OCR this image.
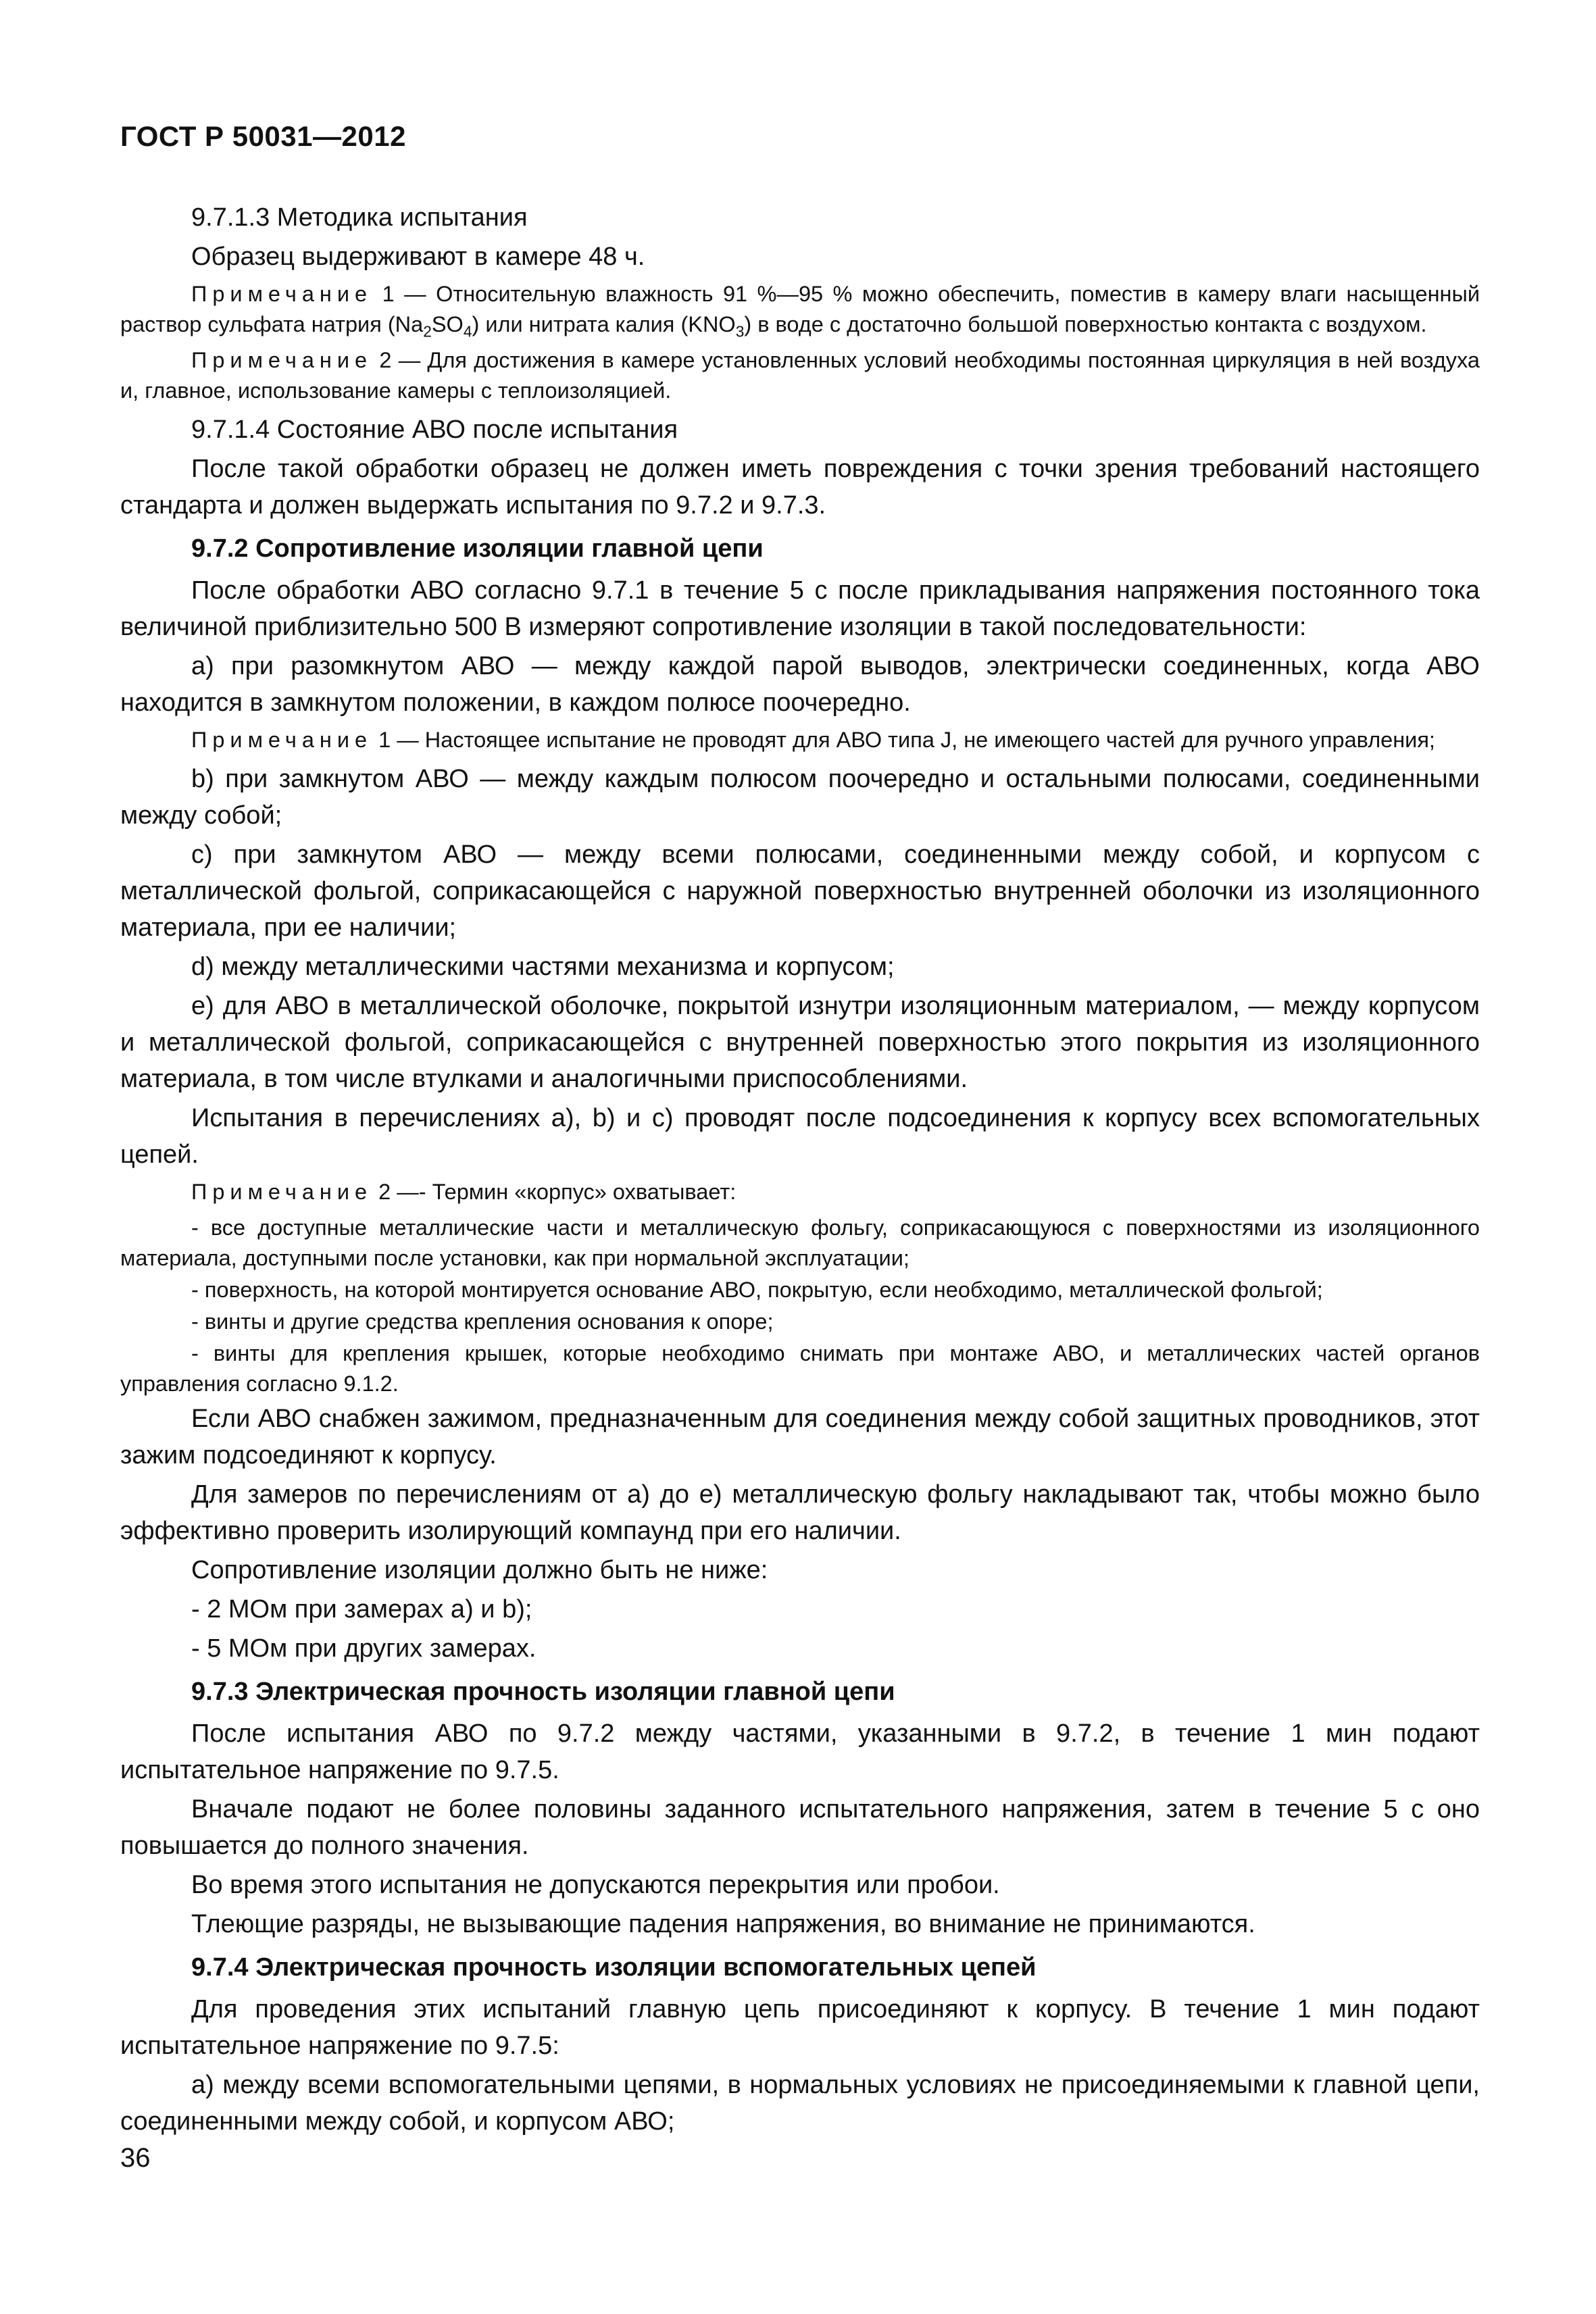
ГОСТ Р 50031—2012

9.7.1.3 Методика испытания

Образец выдерживают в камере 48 ч.

Примечание 1 — Относительную влажность 91 %—95 % можно обеспечить, поместив в камеру влаги насыщенный раствор сульфата натрия $(Na_2SO_4)$ или нитрата калия $(KNO_3)$ в воде с достаточно большой поверхностью контакта с воздухом.

Примечание 2 — Для достижения в камере установленных условий необходимы постоянная циркуляция в ней воздуха и, главное, использование камеры с теплоизоляцией.

9.7.1.4 Состояние АВО после испытания

После такой обработки образец не должен иметь повреждения с точки зрения требований настоящего стандарта и должен выдержать испытания по 9.7.2 и 9.7.3.

9.7.2 Сопротивление изоляции главной цепи

После обработки АВО согласно 9.7.1 в течение 5 с после прикладывания напряжения постоянного тока величиной приблизительно 500 В измеряют сопротивление изоляции в такой последовательности:

а) при разомкнутом АВО — между каждой парой выводов, электрически соединенных, когда АВО находится в замкнутом положении, в каждом полюсе поочередно.

Примечание 1 — Настоящее испытание не проводят для АВО типа J, не имеющего частей для ручного управления;

b) при замкнутом АВО — между каждым полюсом поочередно и остальными полюсами, соединенными между собой;

c) при замкнутом АВО — между всеми полюсами, соединенными между собой, и корпусом с металлической фольгой, соприкасающейся с наружной поверхностью внутренней оболочки из изоляционного материала, при ее наличии;

d) между металлическими частями механизма и корпусом;

e) для АВО в металлической оболочке, покрытой изнутри изоляционным материалом, — между корпусом и металлической фольгой, соприкасающейся с внутренней поверхностью этого покрытия из изоляционного материала, в том числе втулками и аналогичными приспособлениями.

Испытания в перечислениях a), b) и c) проводят после подсоединения к корпусу всех вспомогательных цепей.

Примечание 2 —- Термин «корпус» охватывает:

- все доступные металлические части и металлическую фольгу, соприкасающуюся с поверхностями из изоляционного материала, доступными после установки, как при нормальной эксплуатации;

- поверхность, на которой монтируется основание АВО, покрытую, если необходимо, металлической фольгой;

- винты и другие средства крепления основания к опоре;

- винты для крепления крышек, которые необходимо снимать при монтаже АВО, и металлических частей органов управления согласно 9.1.2.

Если АВО снабжен зажимом, предназначенным для соединения между собой защитных проводников, этот зажим подсоединяют к корпусу.

Для замеров по перечислениям от а) до е) металлическую фольгу накладывают так, чтобы можно было эффективно проверить изолирующий компаунд при его наличии.

Сопротивление изоляции должно быть не ниже:

- 2 МОм при замерах а) и b);

- 5 МОм при других замерах.

9.7.3 Электрическая прочность изоляции главной цепи

После испытания АВО по 9.7.2 между частями, указанными в 9.7.2, в течение 1 мин подают испытательное напряжение по 9.7.5.

Вначале подают не более половины заданного испытательного напряжения, затем в течение 5 с оно повышается до полного значения.

Во время этого испытания не допускаются перекрытия или пробои.

Тлеющие разряды, не вызывающие падения напряжения, во внимание не принимаются.

9.7.4 Электрическая прочность изоляции вспомогательных цепей

Для проведения этих испытаний главную цепь присоединяют к корпусу. В течение 1 мин подают испытательное напряжение по 9.7.5:

а) между всеми вспомогательными цепями, в нормальных условиях не присоединяемыми к главной цепи, соединенными между собой, и корпусом АВО;

36
